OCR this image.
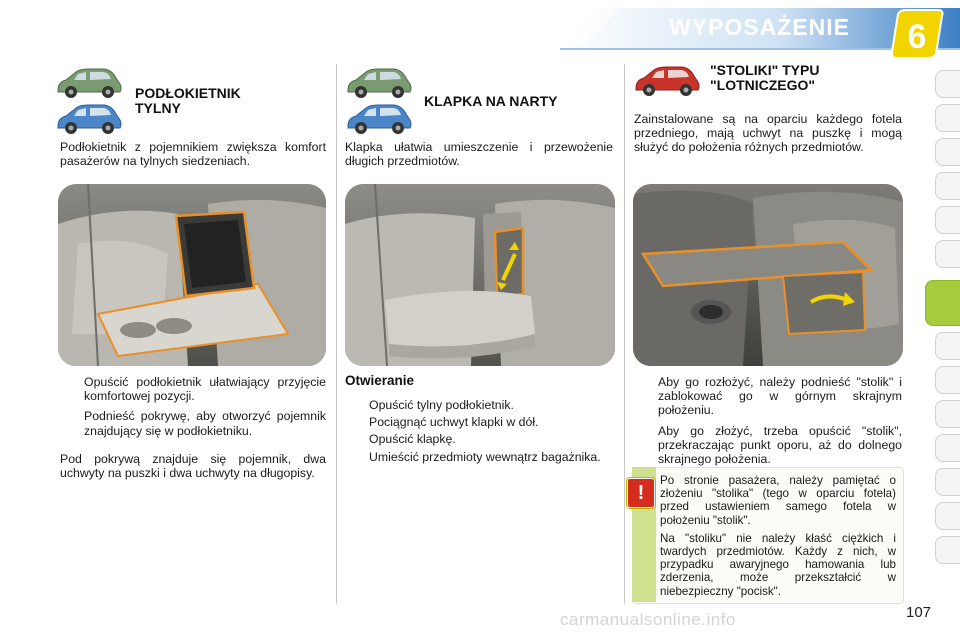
WYPOSAŻENIE 6
PODŁOKIETNIK
TYLNY

Podłokietnik z pojemnikiem zwiększa komfort pasażerów na tylnych siedzeniach.

Opuścić podłokietnik ułatwiający przyjęcie komfortowej pozycji.
Podnieść pokrywę, aby otworzyć pojemnik znajdujący się w podłokietniku.

Pod pokrywą znajduje się pojemnik, dwa uchwyty na puszki i dwa uchwyty na długopisy.

KLAPKA NA NARTY

Klapka ułatwia umieszczenie i przewożenie długich przedmiotów.

Otwieranie
Opuścić tylny podłokietnik.
Pociągnąć uchwyt klapki w dół.
Opuścić klapkę.
Umieścić przedmioty wewnątrz bagażnika.
"STOLIKI" TYPU
"LOTNICZEGO"

Zainstalowane są na oparciu każdego fotela przedniego, mają uchwyt na puszkę i mogą służyć do położenia różnych przedmiotów.

Aby go rozłożyć, należy podnieść "stolik" i zablokować go w górnym skrajnym położeniu.
Aby go złożyć, trzeba opuścić "stolik", przekraczając punkt oporu, aż do dolnego skrajnego położenia.
!

Po stronie pasażera, należy pamiętać o złożeniu "stolika" (tego w oparciu fotela) przed ustawieniem samego fotela w położeniu "stolik".

Na "stoliku" nie należy kłaść ciężkich i twardych przedmiotów. Każdy z nich, w przypadku awaryjnego hamowania lub zderzenia, może przekształcić w niebezpieczny "pocisk".

carmanualsonline.info	107
